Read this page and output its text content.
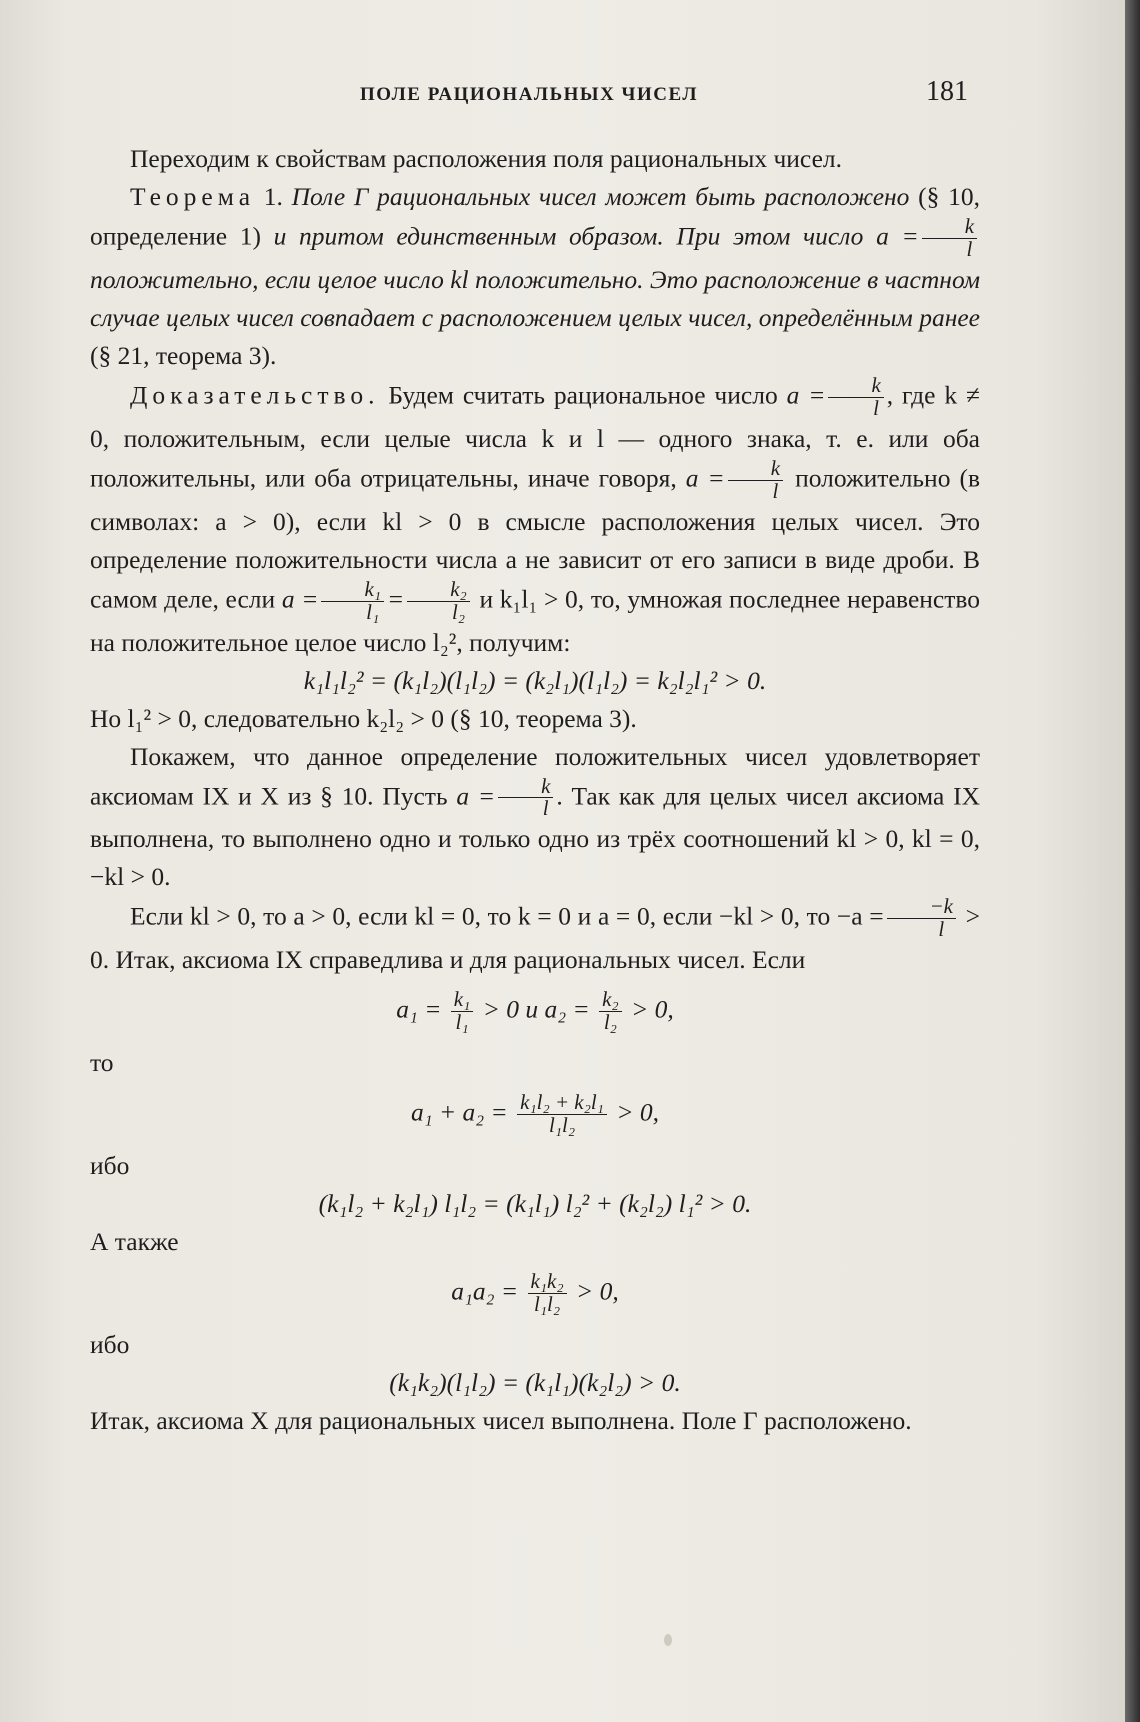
ПОЛЕ РАЦИОНАЛЬНЫХ ЧИСЕЛ	181

Переходим к свойствам расположения поля рациональных чисел.

Теорема 1. Поле Γ рациональных чисел может быть расположено (§ 10, определение 1) и притом единственным образом. При этом число $a = \frac{k}{l}$
положительно, если целое число kl положительно. Это расположение в частном случае целых чисел совпадает с расположением целых чисел, определённым ранее (§ 21, теорема 3).

Доказательство. Будем считать рациональное число $a = \frac{k}{l}$ , где k ≠ 0, положительным, если целые числа k и l — одного знака, т. е. или оба положительны, или оба отрицательны, иначе говоря, $a = \frac{k}{l}$ положительно (в символах: a > 0), если kl > 0 в смысле расположения целых чисел. Это определение положительности числа a не зависит от его записи в виде дроби. В самом деле, если $a = \frac{\text{k₁}}{\text{l₁}} = \frac{\text{k₂}}{\text{l₂}}$ и k₁l₁ > 0, то, умножая последнее неравенство на положительное целое число l₂², получим:

k₁l₁l₂² = (k₁l₂)(l₁l₂) = (k₂l₁)(l₁l₂) = k₂l₂l₁² > 0.

Но l₁² > 0, следовательно k₂l₂ > 0 (§ 10, теорема 3).

Покажем, что данное определение положительных чисел удовлетворяет аксиомам IX и X из § 10. Пусть $a = \frac{k}{l}$ . Так как для целых чисел аксиома IX выполнена, то выполнено одно и только одно из трёх соотношений kl > 0, kl = 0, −kl > 0.

Если kl > 0, то a > 0, если kl = 0, то k = 0 и a = 0, если −kl > 0, то $-a = \frac{-k}{l} > 0$. Итак, аксиома IX справедлива и для рациональных чисел. Если

$a_1 = \frac{\text{k₁}}{\text{l₁}} > 0$ и $a_2 = \frac{\text{k₂}}{\text{l₂}} > 0$,

то

$a_1 + a_2 = \frac{\text{k₁l₂ + k₂l₁}}{\text{l₁l₂}} > 0$,

ибо

(k₁l₂ + k₂l₁) l₁l₂ = (k₁l₁) l₂² + (k₂l₂) l₁² > 0.

А также

$a_1a_2 = \frac{\text{k₁k₂}}{\text{l₁l₂}} > 0$,

ибо

(k₁k₂)(l₁l₂) = (k₁l₁)(k₂l₂) > 0.

Итак, аксиома X для рациональных чисел выполнена. Поле Γ расположено.
